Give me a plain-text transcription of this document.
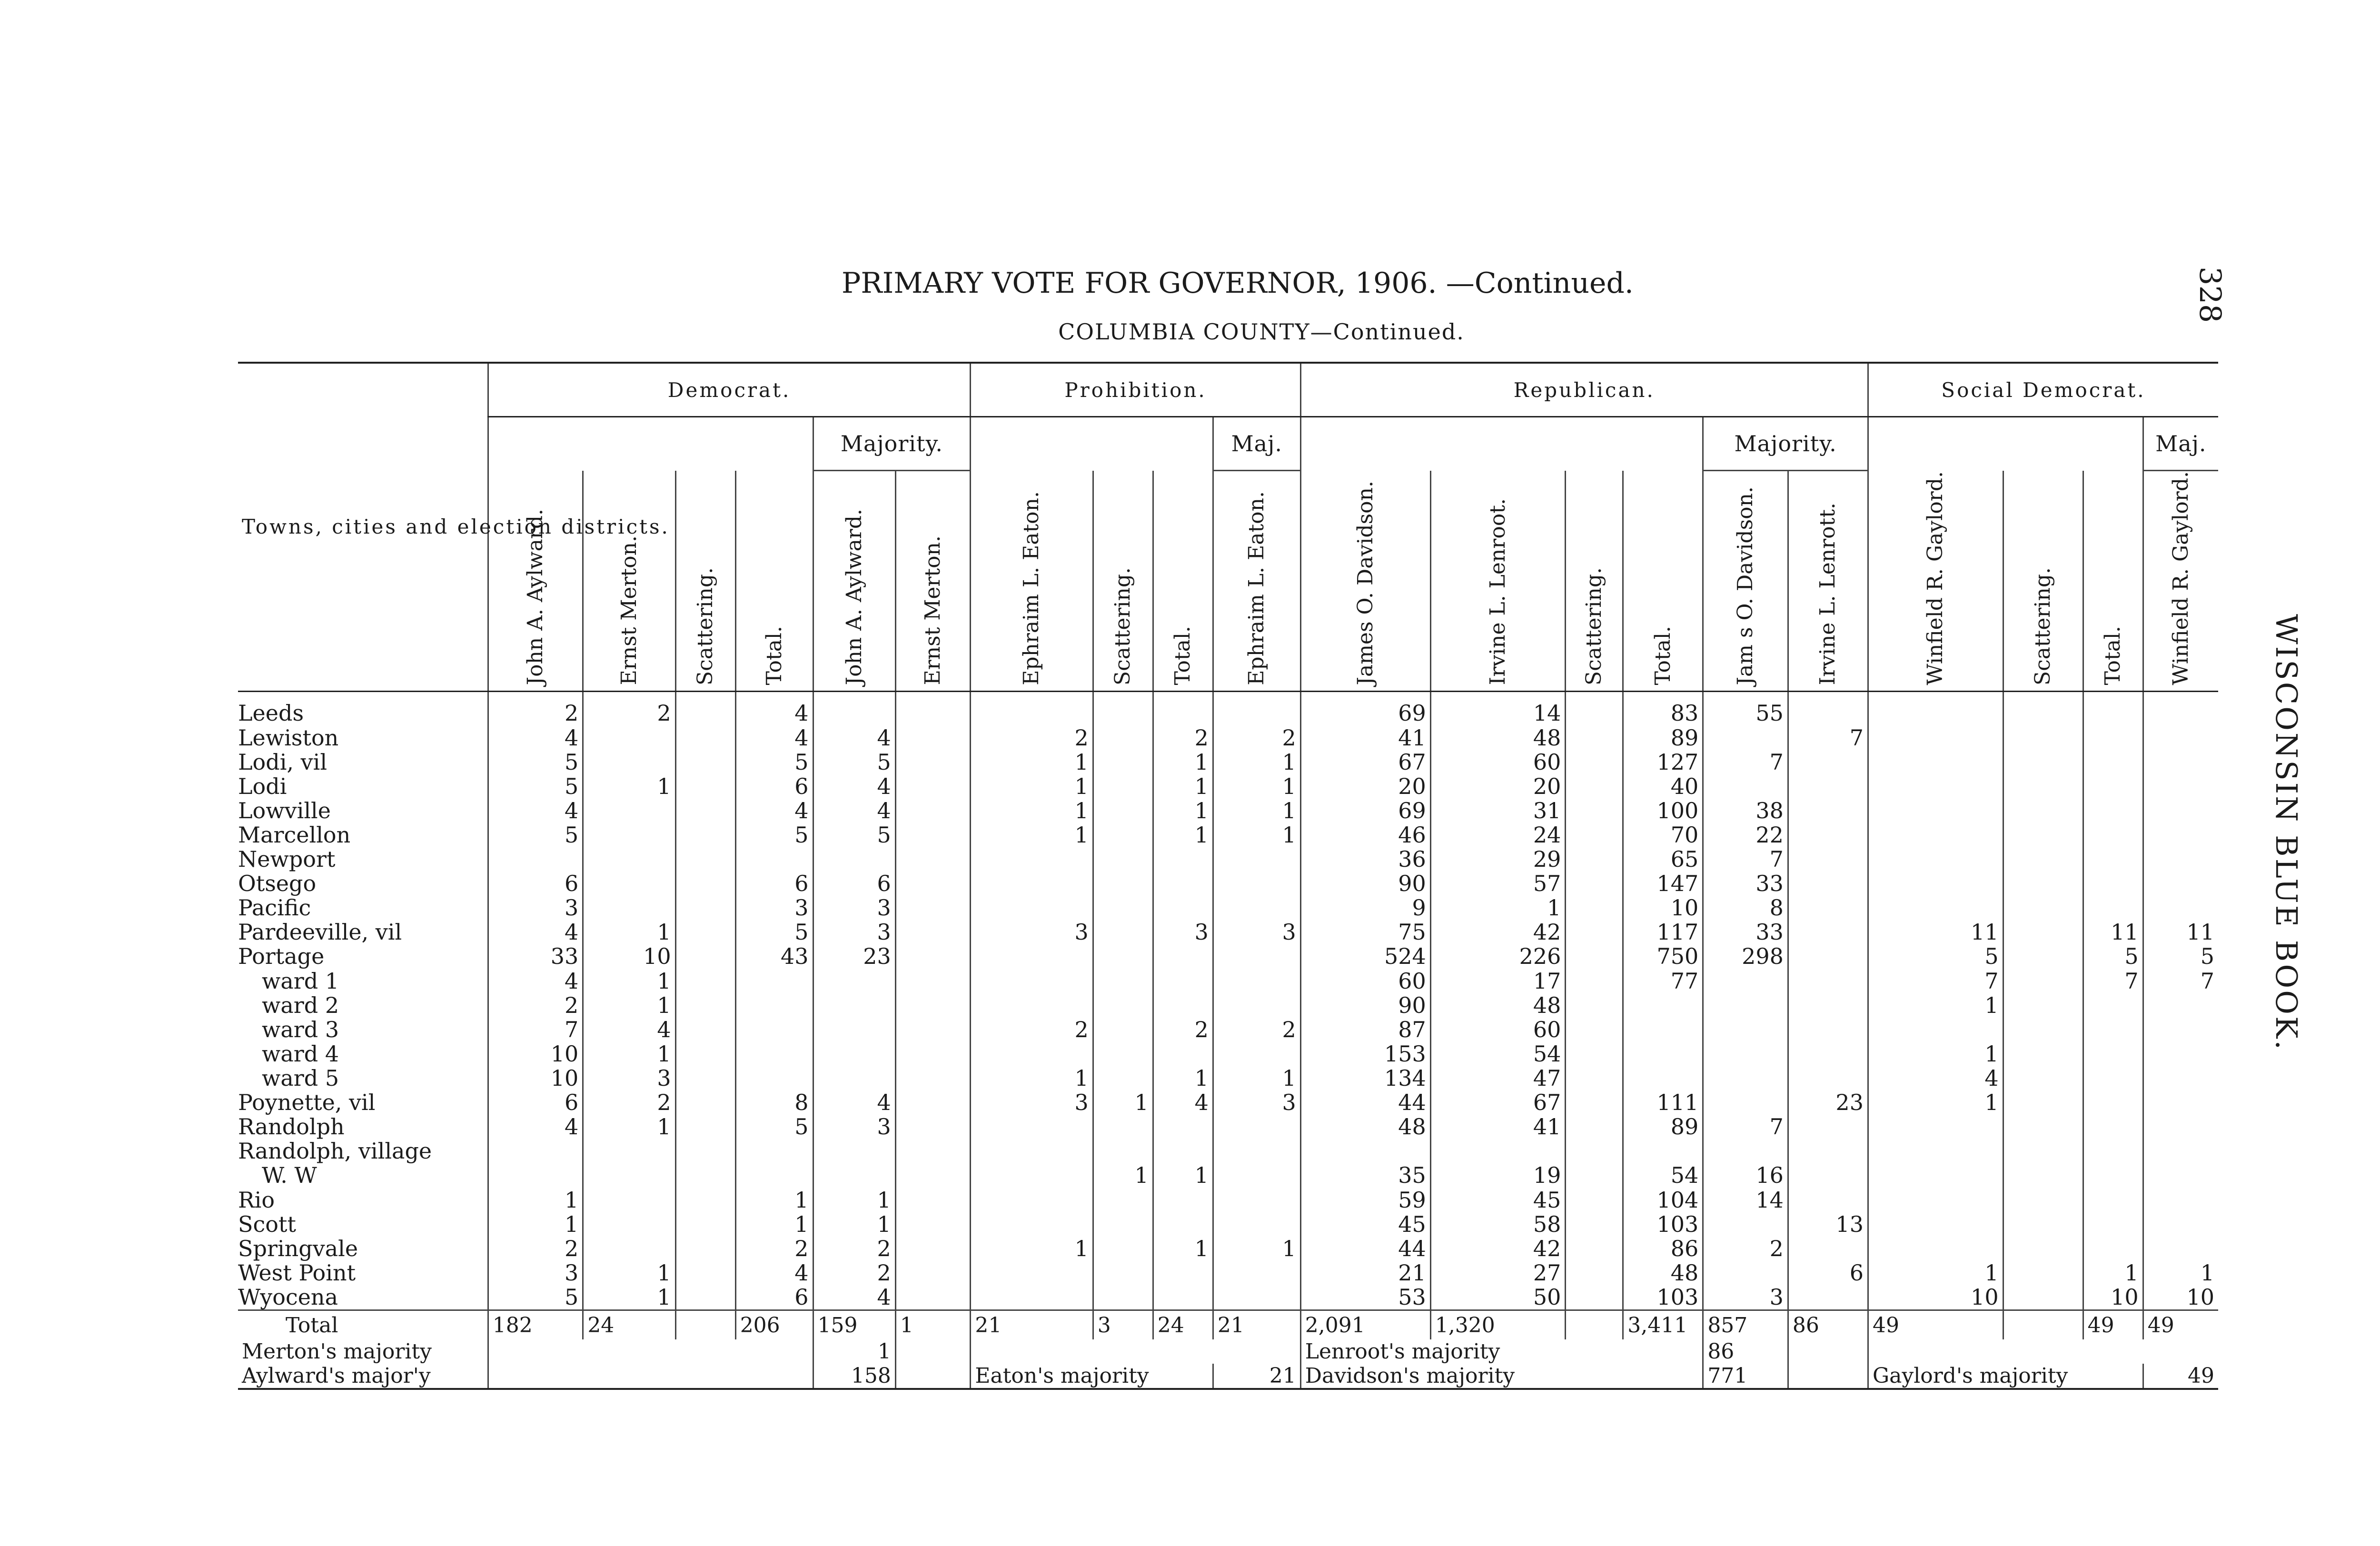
328
WISCONSIN BLUE BOOK.
PRIMARY VOTE FOR GOVERNOR, 1906. —Continued.
COLUMBIA COUNTY—Continued.
Towns, cities and election districts.	Democrat.						Prohibition.				Republican.						Social Democrat.			
					Majority.					Maj.					Majority.					Maj.
	John A. Aylward.	Ernst Merton.	Scattering.	Total.	John A. Aylward.	Ernst Merton.	Ephraim L. Eaton.	Scattering.	Total.	Ephraim L. Eaton.	James O. Davidson.	Irvine L. Lenroot.	Scattering.	Total.	Jam s O. Davidson.	Irvine L. Lenrott.	Winfield R. Gaylord.	Scattering.	Total.	Winfield R. Gaylord.
Leeds	2	2		4							69	14		83	55					
Lewiston	4			4	4		2		2	2	41	48		89		7				
Lodi, vil	5			5	5		1		1	1	67	60		127	7					
Lodi	5	1		6	4		1		1	1	20	20		40						
Lowville	4			4	4		1		1	1	69	31		100	38					
Marcellon	5			5	5		1		1	1	46	24		70	22					
Newport											36	29		65	7					
Otsego	6			6	6						90	57		147	33					
Pacific	3			3	3						9	1		10	8					
Pardeeville, vil	4	1		5	3		3		3	3	75	42		117	33		11		11	11
Portage	33	10		43	23						524	226		750	298		5		5	5
ward 1	4	1									60	17		77			7		7	7
ward 2	2	1									90	48					1			
ward 3	7	4					2		2	2	87	60								
ward 4	10	1									153	54					1			
ward 5	10	3					1		1	1	134	47					4			
Poynette, vil	6	2		8	4		3	1	4	3	44	67		111		23	1			
Randolph	4	1		5	3						48	41		89	7					
Randolph, village																				
W. W								1	1		35	19		54	16					
Rio	1			1	1						59	45		104	14					
Scott	1			1	1						45	58		103		13				
Springvale	2			2	2		1		1	1	44	42		86	2					
West Point	3	1		4	2						21	27		48		6	1		1	1
Wyocena	5	1		6	4						53	50		103	3		10		10	10
Total	182	24		206	159	1	21	3	24	21	2,091	1,320		3,411	857	86	49		49	49
Merton's majority					1						Lenroot's majority				86					
Aylward's major'y					158		Eaton's majority			21	Davidson's majority				771		Gaylord's majority			49
